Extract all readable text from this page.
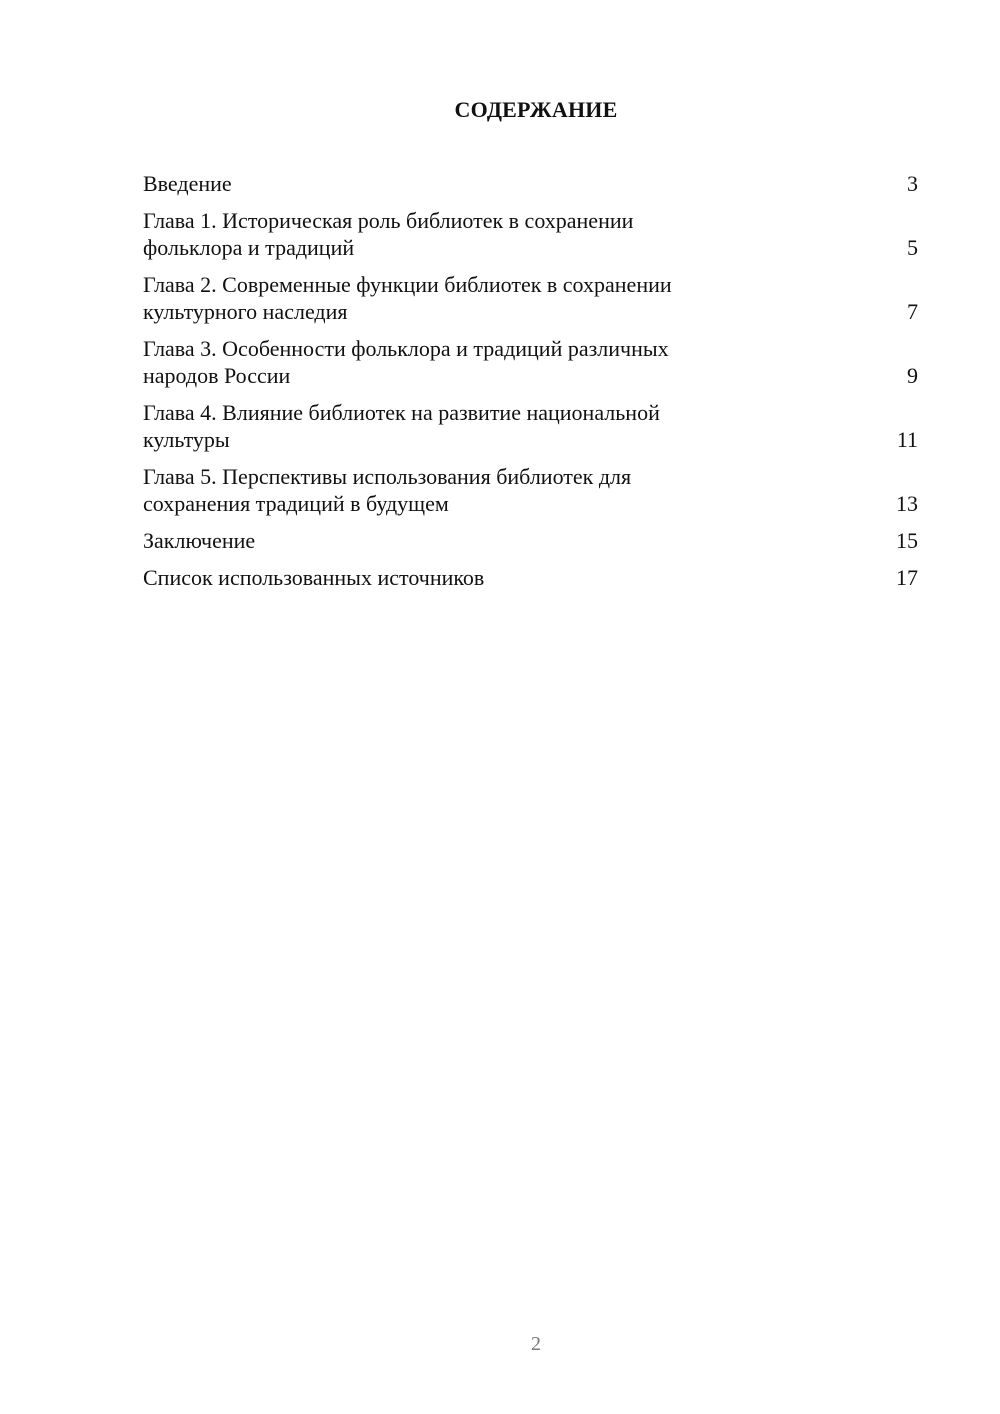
СОДЕРЖАНИЕ
Введение	3
Глава 1. Историческая роль библиотек в сохранении
фольклора и традиций	5
Глава 2. Современные функции библиотек в сохранении
культурного наследия	7
Глава 3. Особенности фольклора и традиций различных
народов России	9
Глава 4. Влияние библиотек на развитие национальной
культуры	11
Глава 5. Перспективы использования библиотек для
сохранения традиций в будущем	13
Заключение	15
Список использованных источников	17
2
